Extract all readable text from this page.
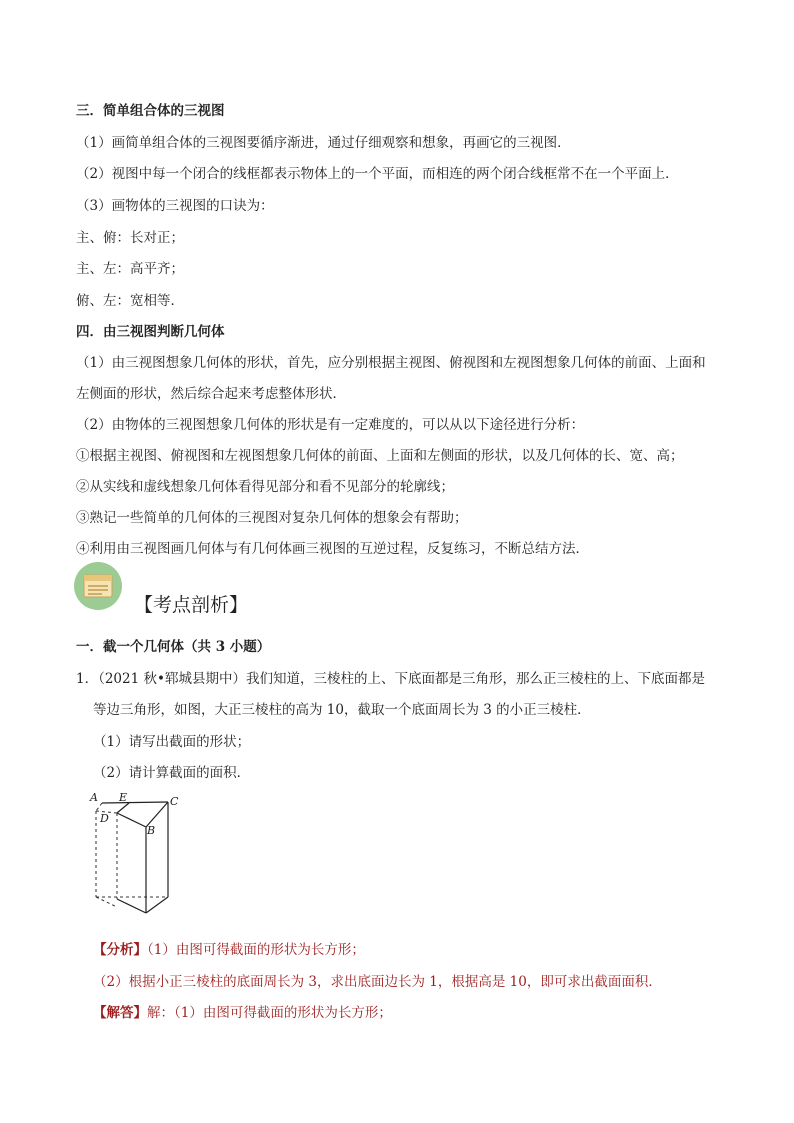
三．简单组合体的三视图
（1）画简单组合体的三视图要循序渐进，通过仔细观察和想象，再画它的三视图．
（2）视图中每一个闭合的线框都表示物体上的一个平面，而相连的两个闭合线框常不在一个平面上．
（3）画物体的三视图的口诀为：
主、俯：长对正；
主、左：高平齐；
俯、左：宽相等．
四．由三视图判断几何体
（1）由三视图想象几何体的形状，首先，应分别根据主视图、俯视图和左视图想象几何体的前面、上面和
左侧面的形状，然后综合起来考虑整体形状．
（2）由物体的三视图想象几何体的形状是有一定难度的，可以从以下途径进行分析：
①根据主视图、俯视图和左视图想象几何体的前面、上面和左侧面的形状，以及几何体的长、宽、高；
②从实线和虚线想象几何体看得见部分和看不见部分的轮廓线；
③熟记一些简单的几何体的三视图对复杂几何体的想象会有帮助；
④利用由三视图画几何体与有几何体画三视图的互逆过程，反复练习，不断总结方法．
【考点剖析】
一．截一个几何体（共 3 小题）
1．（2021 秋•郓城县期中）我们知道，三棱柱的上、下底面都是三角形，那么正三棱柱的上、下底面都是
等边三角形，如图，大正三棱柱的高为 10，截取一个底面周长为 3 的小正三棱柱．
（1）请写出截面的形状；
（2）请计算截面的面积．
A E	C
D
B
【分析】（1）由图可得截面的形状为长方形；
（2）根据小正三棱柱的底面周长为 3，求出底面边长为 1，根据高是 10，即可求出截面面积．
【解答】解：（1）由图可得截面的形状为长方形；
